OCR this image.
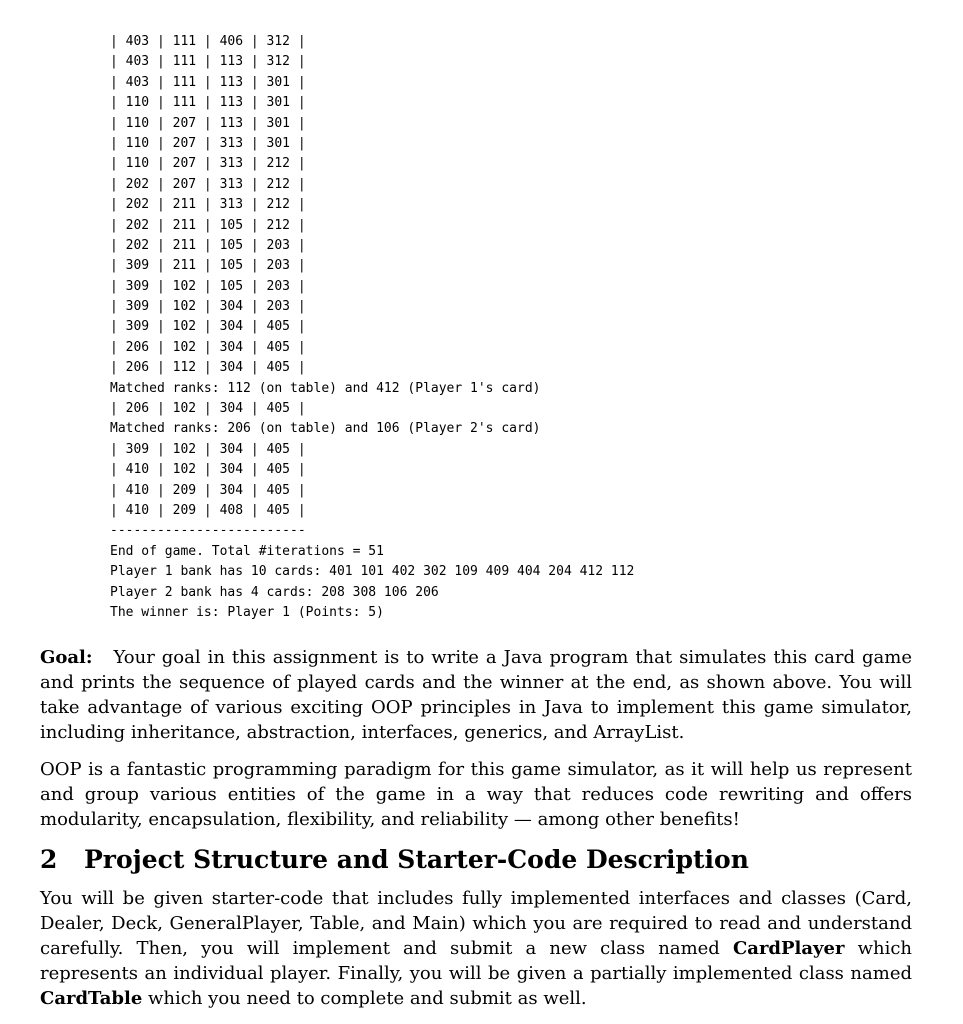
| 403 | 111 | 406 | 312 |
| 403 | 111 | 113 | 312 |
| 403 | 111 | 113 | 301 |
| 110 | 111 | 113 | 301 |
| 110 | 207 | 113 | 301 |
| 110 | 207 | 313 | 301 |
| 110 | 207 | 313 | 212 |
| 202 | 207 | 313 | 212 |
| 202 | 211 | 313 | 212 |
| 202 | 211 | 105 | 212 |
| 202 | 211 | 105 | 203 |
| 309 | 211 | 105 | 203 |
| 309 | 102 | 105 | 203 |
| 309 | 102 | 304 | 203 |
| 309 | 102 | 304 | 405 |
| 206 | 102 | 304 | 405 |
| 206 | 112 | 304 | 405 |
Matched ranks: 112 (on table) and 412 (Player 1's card)
| 206 | 102 | 304 | 405 |
Matched ranks: 206 (on table) and 106 (Player 2's card)
| 309 | 102 | 304 | 405 |
| 410 | 102 | 304 | 405 |
| 410 | 209 | 304 | 405 |
| 410 | 209 | 408 | 405 |
-------------------------
End of game. Total #iterations = 51
Player 1 bank has 10 cards: 401 101 402 302 109 409 404 204 412 112
Player 2 bank has 4 cards: 208 308 106 206
The winner is: Player 1 (Points: 5)

Goal: Your goal in this assignment is to write a Java program that simulates this card game and prints the sequence of played cards and the winner at the end, as shown above. You will take advantage of various exciting OOP principles in Java to implement this game simulator, including inheritance, abstraction, interfaces, generics, and ArrayList.

OOP is a fantastic programming paradigm for this game simulator, as it will help us represent and group various entities of the game in a way that reduces code rewriting and offers modularity, encapsulation, flexibility, and reliability — among other benefits!

2 Project Structure and Starter-Code Description

You will be given starter-code that includes fully implemented interfaces and classes (Card, Dealer, Deck, GeneralPlayer, Table, and Main) which you are required to read and understand carefully. Then, you will implement and submit a new class named CardPlayer which represents an individual player. Finally, you will be given a partially implemented class named CardTable which you need to complete and submit as well.
